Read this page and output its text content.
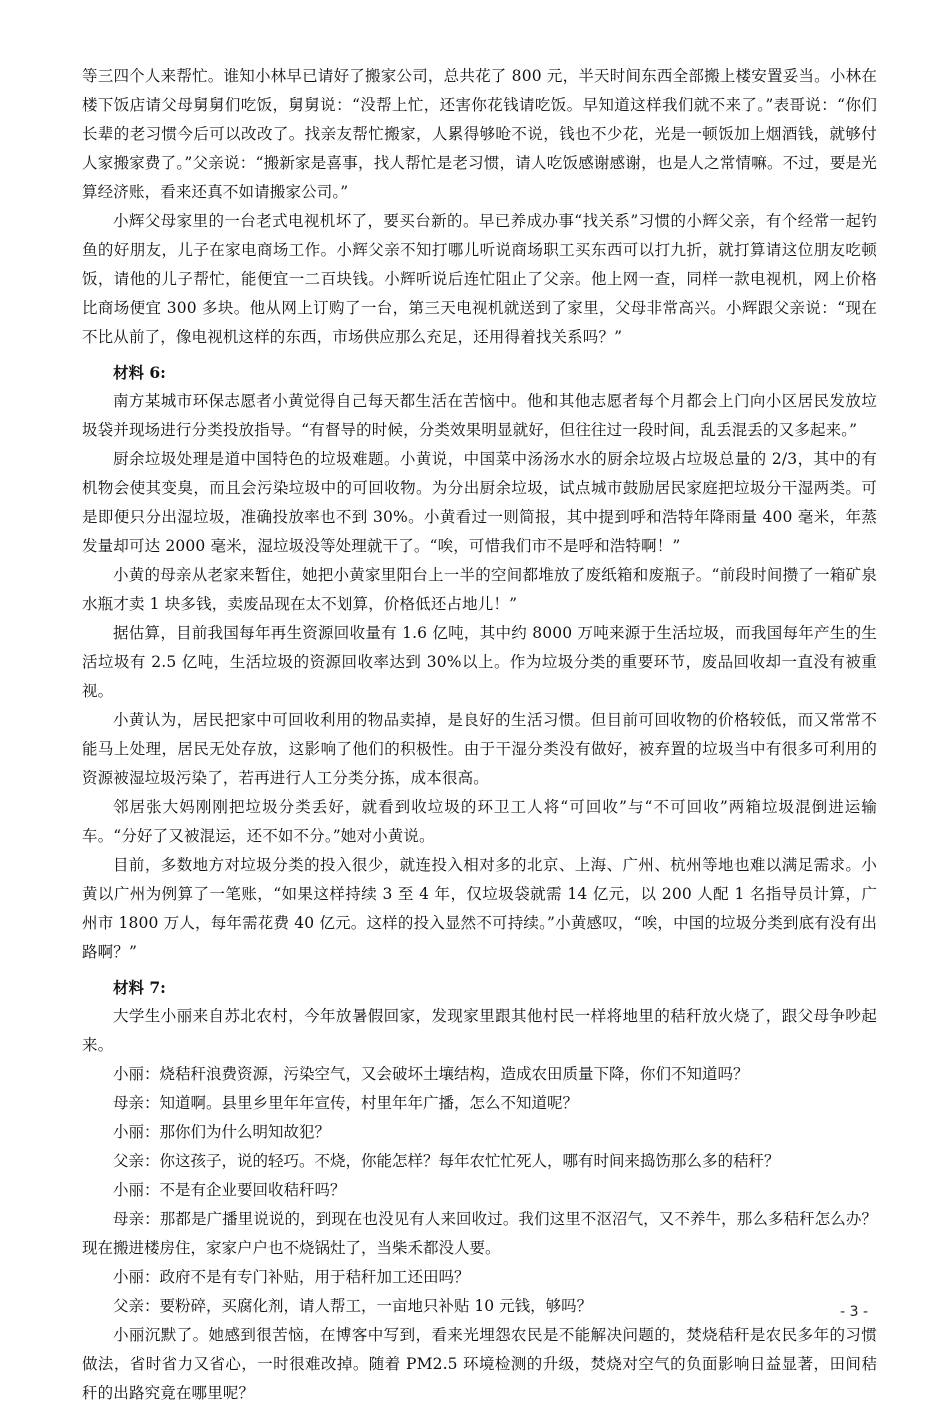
等三四个人来帮忙。谁知小林早已请好了搬家公司，总共花了 800 元，半天时间东西全部搬上楼安置妥当。小林在楼下饭店请父母舅舅们吃饭，舅舅说：“没帮上忙，还害你花钱请吃饭。早知道这样我们就不来了。”表哥说：“你们长辈的老习惯今后可以改改了。找亲友帮忙搬家，人累得够呛不说，钱也不少花，光是一顿饭加上烟酒钱，就够付人家搬家费了。”父亲说：“搬新家是喜事，找人帮忙是老习惯，请人吃饭感谢感谢，也是人之常情嘛。不过，要是光算经济账，看来还真不如请搬家公司。”

小辉父母家里的一台老式电视机坏了，要买台新的。早已养成办事“找关系”习惯的小辉父亲，有个经常一起钓鱼的好朋友，儿子在家电商场工作。小辉父亲不知打哪儿听说商场职工买东西可以打九折，就打算请这位朋友吃顿饭，请他的儿子帮忙，能便宜一二百块钱。小辉听说后连忙阻止了父亲。他上网一查，同样一款电视机，网上价格比商场便宜 300 多块。他从网上订购了一台，第三天电视机就送到了家里，父母非常高兴。小辉跟父亲说：“现在不比从前了，像电视机这样的东西，市场供应那么充足，还用得着找关系吗？”

材料 6:

南方某城市环保志愿者小黄觉得自己每天都生活在苦恼中。他和其他志愿者每个月都会上门向小区居民发放垃圾袋并现场进行分类投放指导。“有督导的时候，分类效果明显就好，但往往过一段时间，乱丢混丢的又多起来。”

厨余垃圾处理是道中国特色的垃圾难题。小黄说，中国菜中汤汤水水的厨余垃圾占垃圾总量的 2/3，其中的有机物会使其变臭，而且会污染垃圾中的可回收物。为分出厨余垃圾，试点城市鼓励居民家庭把垃圾分干湿两类。可是即便只分出湿垃圾，准确投放率也不到 30%。小黄看过一则简报，其中提到呼和浩特年降雨量 400 毫米，年蒸发量却可达 2000 毫米，湿垃圾没等处理就干了。“唉，可惜我们市不是呼和浩特啊！”

小黄的母亲从老家来暂住，她把小黄家里阳台上一半的空间都堆放了废纸箱和废瓶子。“前段时间攒了一箱矿泉水瓶才卖 1 块多钱，卖废品现在太不划算，价格低还占地儿！”

据估算，目前我国每年再生资源回收量有 1.6 亿吨，其中约 8000 万吨来源于生活垃圾，而我国每年产生的生活垃圾有 2.5 亿吨，生活垃圾的资源回收率达到 30%以上。作为垃圾分类的重要环节，废品回收却一直没有被重视。

小黄认为，居民把家中可回收利用的物品卖掉，是良好的生活习惯。但目前可回收物的价格较低，而又常常不能马上处理，居民无处存放，这影响了他们的积极性。由于干湿分类没有做好，被弃置的垃圾当中有很多可利用的资源被湿垃圾污染了，若再进行人工分类分拣，成本很高。

邻居张大妈刚刚把垃圾分类丢好，就看到收垃圾的环卫工人将“可回收”与“不可回收”两箱垃圾混倒进运输车。“分好了又被混运，还不如不分。”她对小黄说。

目前，多数地方对垃圾分类的投入很少，就连投入相对多的北京、上海、广州、杭州等地也难以满足需求。小黄以广州为例算了一笔账，“如果这样持续 3 至 4 年，仅垃圾袋就需 14 亿元，以 200 人配 1 名指导员计算，广州市 1800 万人，每年需花费 40 亿元。这样的投入显然不可持续。”小黄感叹，“唉，中国的垃圾分类到底有没有出路啊？”

材料 7:

大学生小丽来自苏北农村，今年放暑假回家，发现家里跟其他村民一样将地里的秸秆放火烧了，跟父母争吵起来。

小丽：烧秸秆浪费资源，污染空气，又会破坏土壤结构，造成农田质量下降，你们不知道吗？

母亲：知道啊。县里乡里年年宣传，村里年年广播，怎么不知道呢？

小丽：那你们为什么明知故犯？

父亲：你这孩子，说的轻巧。不烧，你能怎样？每年农忙忙死人，哪有时间来捣饬那么多的秸秆？

小丽：不是有企业要回收秸秆吗？

母亲：那都是广播里说说的，到现在也没见有人来回收过。我们这里不沤沼气，又不养牛，那么多秸秆怎么办？现在搬进楼房住，家家户户也不烧锅灶了，当柴禾都没人要。

小丽：政府不是有专门补贴，用于秸秆加工还田吗？

父亲：要粉碎，买腐化剂，请人帮工，一亩地只补贴 10 元钱，够吗？

小丽沉默了。她感到很苦恼，在博客中写到，看来光埋怨农民是不能解决问题的，焚烧秸秆是农民多年的习惯做法，省时省力又省心，一时很难改掉。随着 PM2.5 环境检测的升级，焚烧对空气的负面影响日益显著，田间秸秆的出路究竟在哪里呢？

- 3 -
